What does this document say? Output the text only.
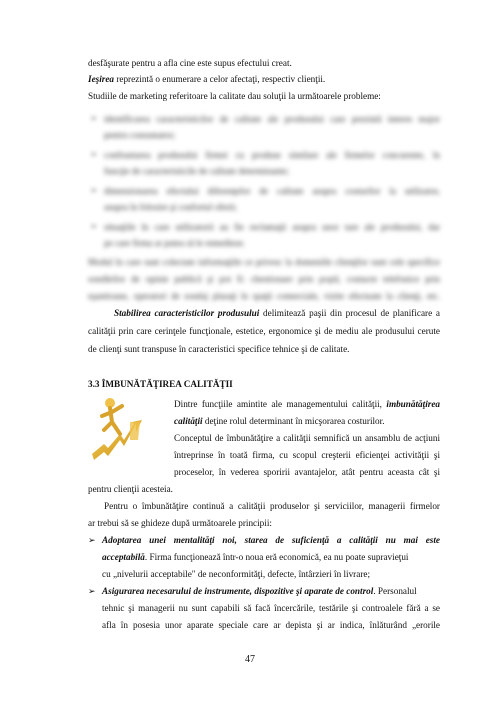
desfăşurate pentru a afla cine este supus efectului creat.
Ieşirea reprezintă o enumerare a celor afectaţi, respectiv clienţii.
Studiile de marketing referitoare la calitate dau soluţii la următoarele probleme:
➢ identificarea caracteristicilor de calitate ale produsului care prezintă interes major
pentru consumator;
➢ confruntarea produsului firmei cu produse similare ale firmelor concurente, în
funcţie de caracteristicile de calitate determinante;
➢ dimensionarea efectului diferenţelor de calitate asupra costurilor la utilizator,
asupra în folosire şi confortul oferit;
➢ situaţiile în care utilizatorii au fie reclamaţii asupra unor tare ale produsului, dar
pe care firma ar putea să le remedieze.
Modul în care sunt colectate informaţiile ce privesc la domeniile clienţilor sunt cele specifice
sondărilor de opinie publică şi pot fi: chestionare prin poştă, contacte telefonice prin
eşantioane, operatori de sondaj plasaţi în spaţii comerciale, vizite efectuate la clienţi, etc.
Stabilirea caracteristicilor produsului delimitează paşii din procesul de planificare a
calităţii prin care cerinţele funcţionale, estetice, ergonomice şi de mediu ale produsului cerute
de clienţi sunt transpuse în caracteristici specifice tehnice şi de calitate.
3.3 ÎMBUNĂTĂŢIREA CALITĂŢII
Dintre funcţiile amintite ale managementului calităţii, îmbunătăţirea
calităţii deţine rolul determinant în micşorarea costurilor.
Conceptul de îmbunătăţire a calităţii semnifică un ansamblu de acţiuni
întreprinse în toată firma, cu scopul creşterii eficienţei activităţii şi
proceselor, în vederea sporirii avantajelor, atât pentru aceasta cât şi
pentru clienţii acesteia.
Pentru o îmbunătăţire continuă a calităţii produselor şi serviciilor, managerii firmelor
ar trebui să se ghideze după următoarele principii:
➢ Adoptarea unei mentalităţi noi, starea de suficienţă a calităţii nu mai este
acceptabilă. Firma funcţionează într-o noua eră economică, ea nu poate supravieţui
cu „nivelurii acceptabile" de neconformităţi, defecte, întârzieri în livrare;
➢ Asigurarea necesarului de instrumente, dispozitive şi aparate de control. Personalul
tehnic şi managerii nu sunt capabili să facă încercările, testările şi controalele fără a se
afla în posesia unor aparate speciale care ar depista şi ar indica, înlăturând „erorile
47
